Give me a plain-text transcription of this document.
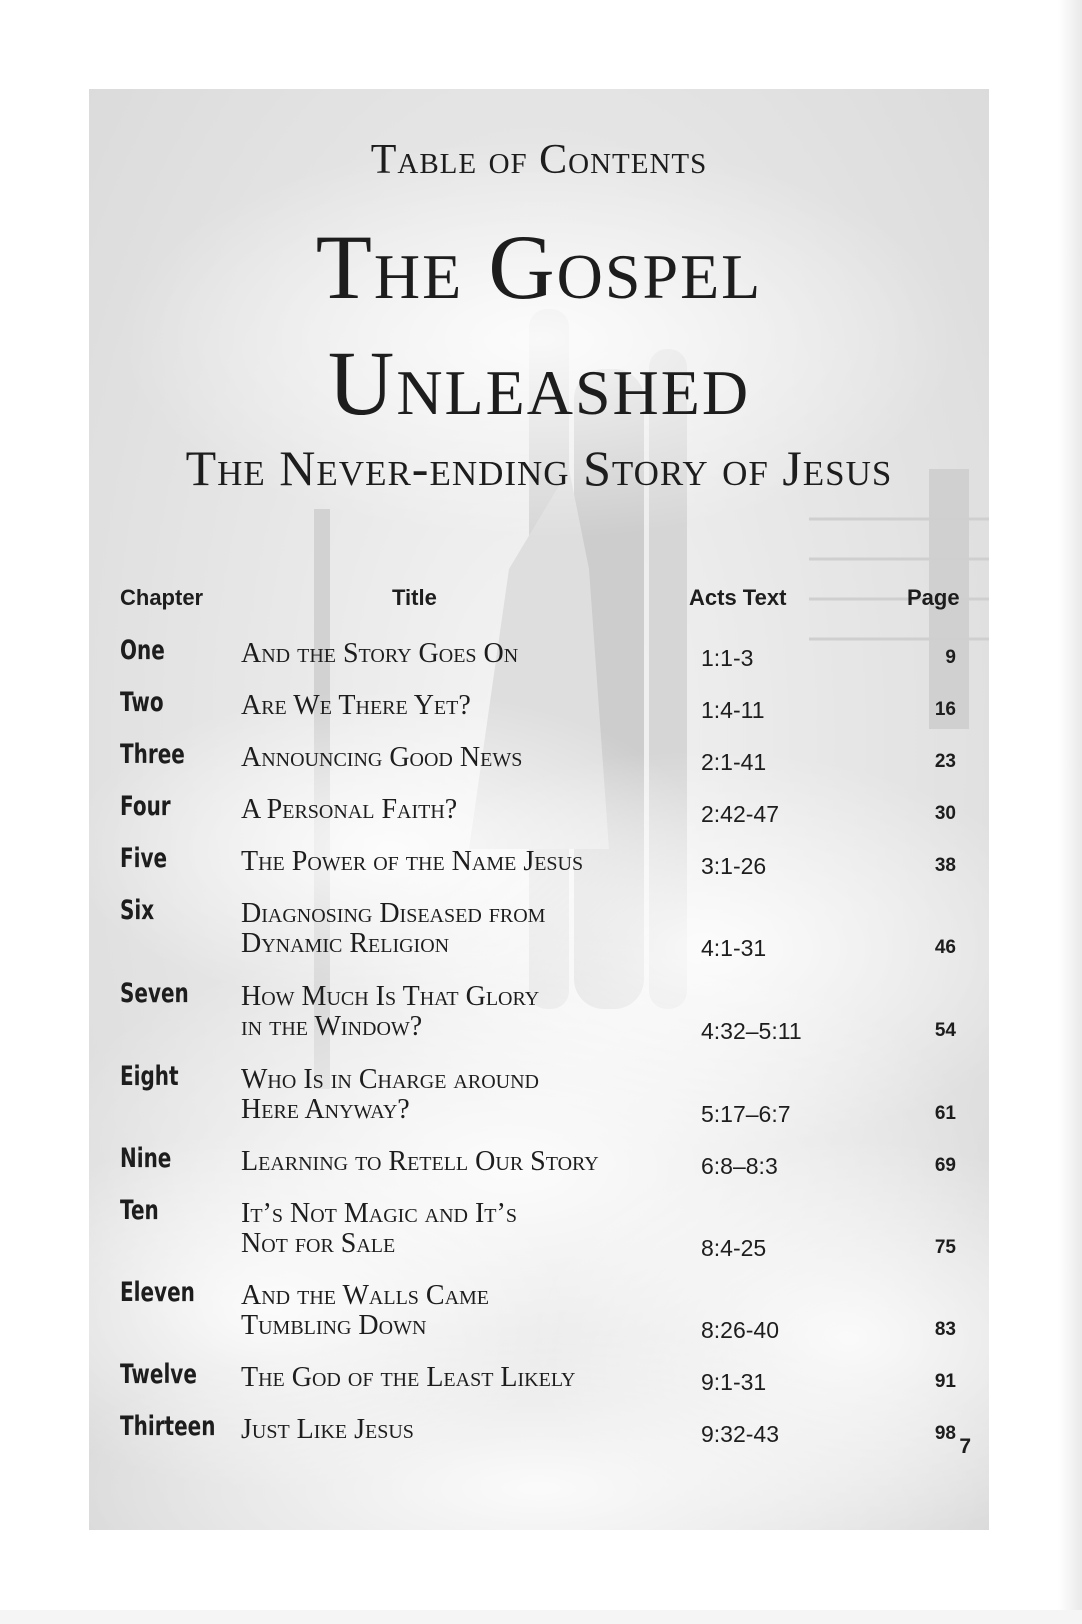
Table of Contents
The Gospel
Unleashed
The Never-ending Story of Jesus
Chapter	Title	Acts Text	Page
One	And the Story Goes On	1:1-3	9
Two	Are We There Yet?	1:4-11	16
Three Announcing Good News	2:1-41	23
Four	A Personal Faith?	2:42-47	30
Five	The Power of the Name Jesus	3:1-26	38
Six	Diagnosing Diseased from
Dynamic Religion	4:1-31	46
Seven How Much Is That Glory
in the Window?	4:32–5:11	54
Eight Who Is in Charge around
Here Anyway?	5:17–6:7	61
Nine Learning to Retell Our Story	6:8–8:3	69
Ten	It’s Not Magic and It’s
Not for Sale	8:4-25	75
Eleven And the Walls Came
Tumbling Down	8:26-40	83
Twelve The God of the Least Likely	9:1-31	91
Thirteen Just Like Jesus	9:32-43	98
7
